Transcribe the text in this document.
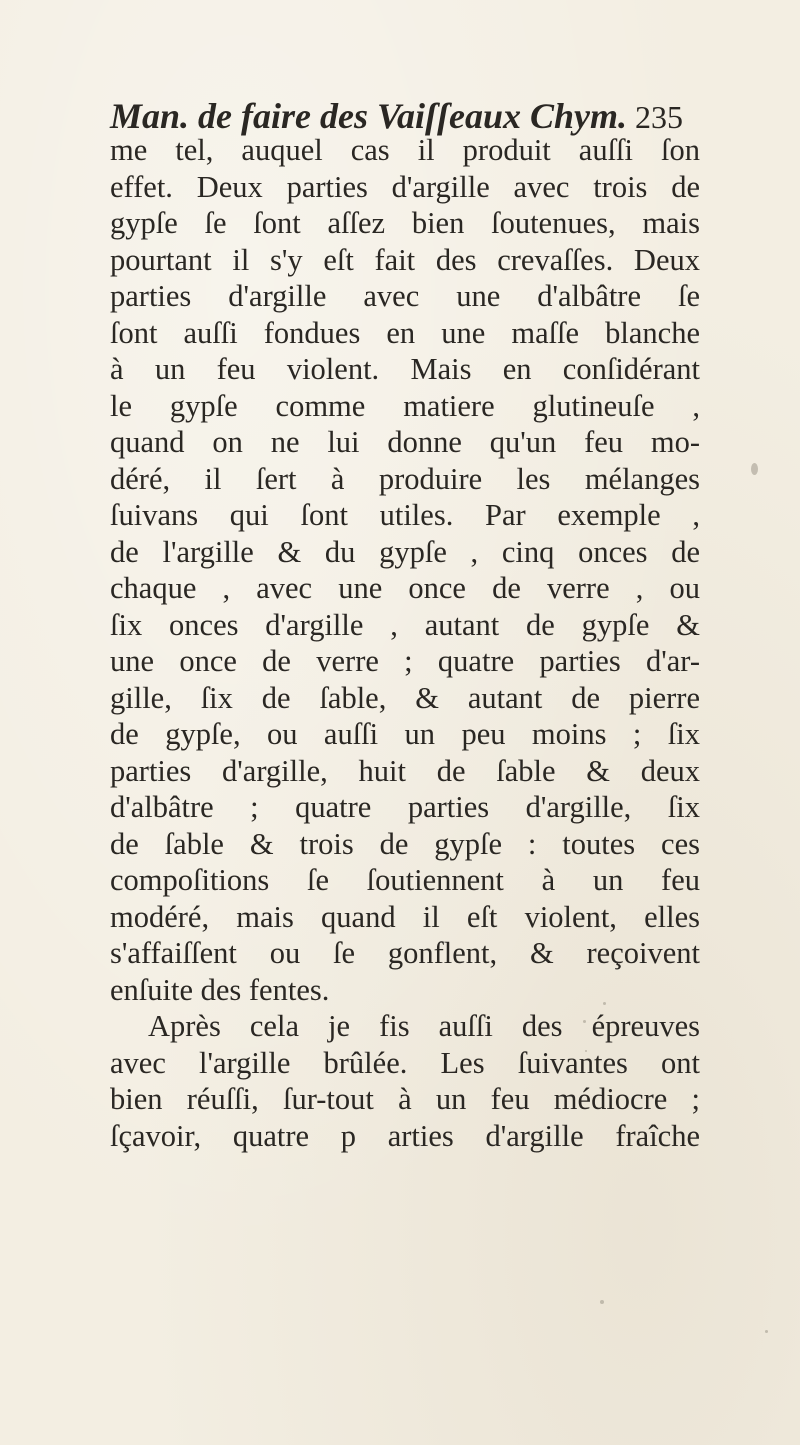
Man. de faire des Vaiſſeaux Chym. 235
me tel, auquel cas il produit auſſi ſon
effet. Deux parties d'argille avec trois de
gypſe ſe ſont aſſez bien ſoutenues, mais
pourtant il s'y eſt fait des crevaſſes. Deux
parties d'argille avec une d'albâtre ſe
ſont auſſi fondues en une maſſe blanche
à un feu violent. Mais en conſidérant
le gypſe comme matiere glutineuſe ,
quand on ne lui donne qu'un feu mo-
déré, il ſert à produire les mélanges
ſuivans qui ſont utiles. Par exemple ,
de l'argille & du gypſe , cinq onces de
chaque , avec une once de verre , ou
ſix onces d'argille , autant de gypſe &
une once de verre ; quatre parties d'ar-
gille, ſix de ſable, & autant de pierre
de gypſe, ou auſſi un peu moins ; ſix
parties d'argille, huit de ſable & deux
d'albâtre ; quatre parties d'argille, ſix
de ſable & trois de gypſe : toutes ces
compoſitions ſe ſoutiennent à un feu
modéré, mais quand il eſt violent, elles
s'affaiſſent ou ſe gonflent, & reçoivent
enſuite des fentes.
Après cela je fis auſſi des épreuves
avec l'argille brûlée. Les ſuivantes ont
bien réuſſi, ſur-tout à un feu médiocre ;
ſçavoir, quatre p arties d'argille fraîche
